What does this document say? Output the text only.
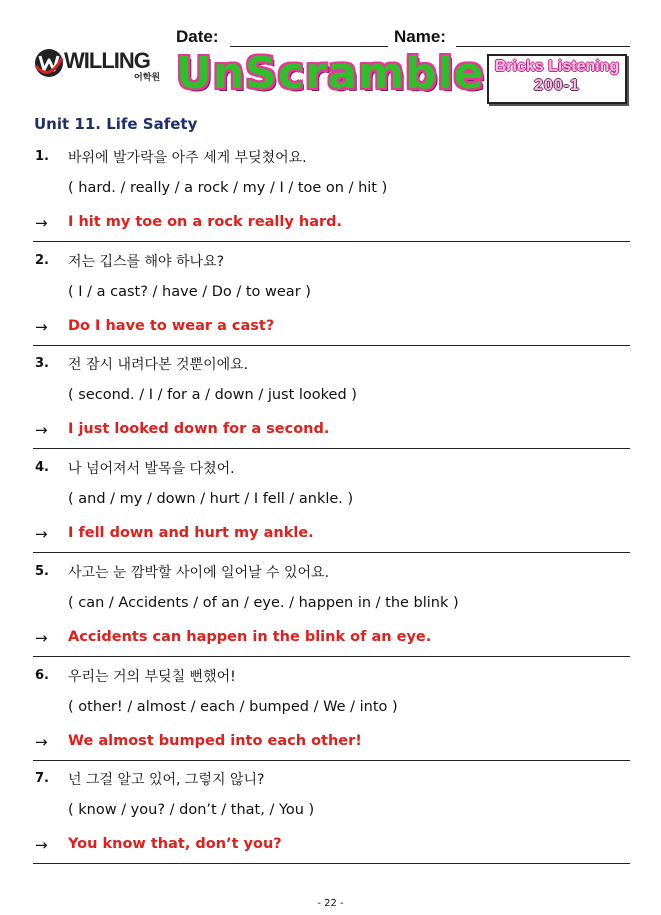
Date:	Name:
WILLING
어학원 UnScramble Bricks Listening
200-1
Unit 11. Life Safety
1. 바위에 발가락을 아주 세게 부딪쳤어요.
( hard. / really / a rock / my / I / toe on / hit )
→ I hit my toe on a rock really hard.
2. 저는 깁스를 해야 하나요?
( I / a cast? / have / Do / to wear )
→ Do I have to wear a cast?
3. 전 잠시 내려다본 것뿐이에요.
( second. / I / for a / down / just looked )
→ I just looked down for a second.
4. 나 넘어져서 발목을 다쳤어.
( and / my / down / hurt / I fell / ankle. )
→ I fell down and hurt my ankle.
5. 사고는 눈 깜박할 사이에 일어날 수 있어요.
( can / Accidents / of an / eye. / happen in / the blink )
→ Accidents can happen in the blink of an eye.
6. 우리는 거의 부딪칠 뻔했어!
( other! / almost / each / bumped / We / into )
→ We almost bumped into each other!
7. 넌 그걸 알고 있어, 그렇지 않니?
( know / you? / don’t / that, / You )
→ You know that, don’t you?
- 22 -
